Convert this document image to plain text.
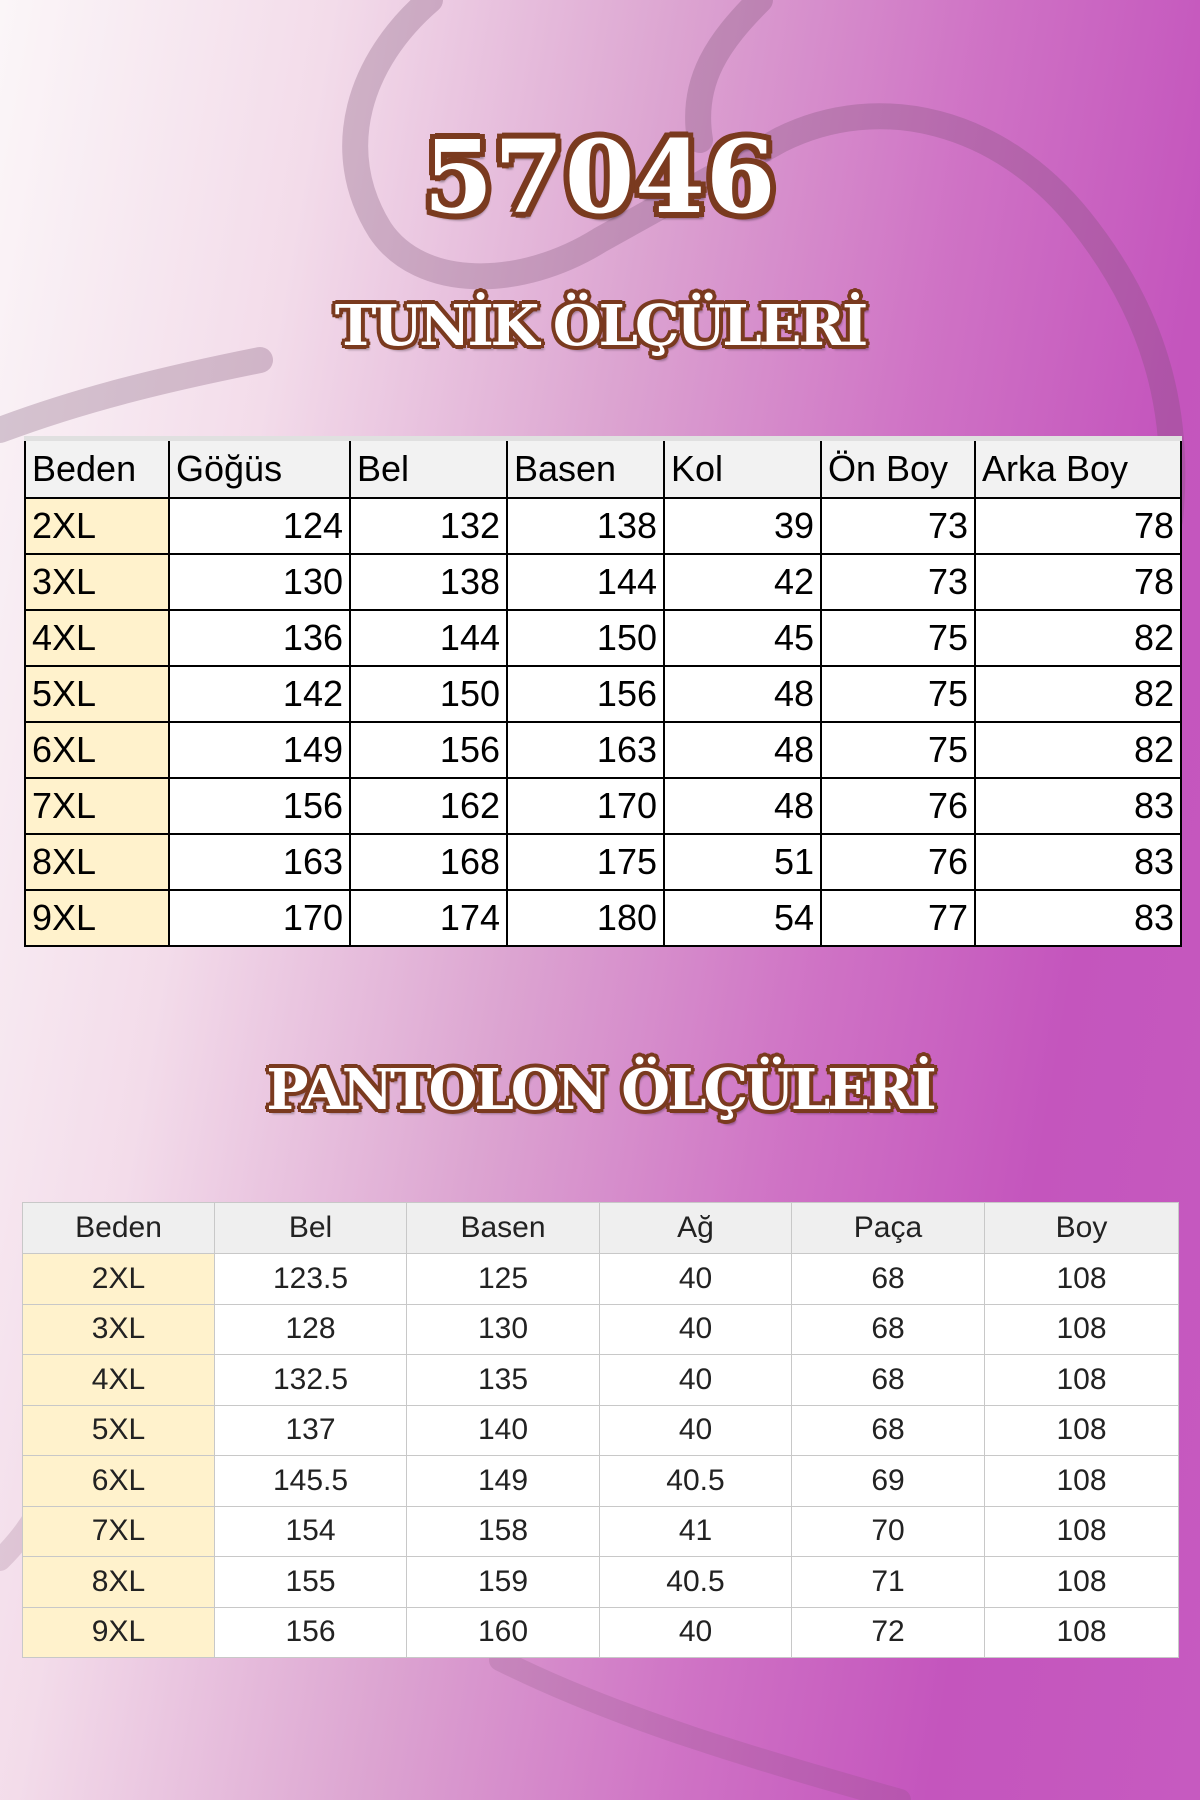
57046
TUNİK ÖLÇÜLERİ
Beden	Göğüs	Bel	Basen	Kol	Ön Boy	Arka Boy
2XL	124	132	138	39	73	78
3XL	130	138	144	42	73	78
4XL	136	144	150	45	75	82
5XL	142	150	156	48	75	82
6XL	149	156	163	48	75	82
7XL	156	162	170	48	76	83
8XL	163	168	175	51	76	83
9XL	170	174	180	54	77	83
PANTOLON ÖLÇÜLERİ
Beden	Bel	Basen	Ağ	Paça	Boy
2XL	123.5	125	40	68	108
3XL	128	130	40	68	108
4XL	132.5	135	40	68	108
5XL	137	140	40	68	108
6XL	145.5	149	40.5	69	108
7XL	154	158	41	70	108
8XL	155	159	40.5	71	108
9XL	156	160	40	72	108
